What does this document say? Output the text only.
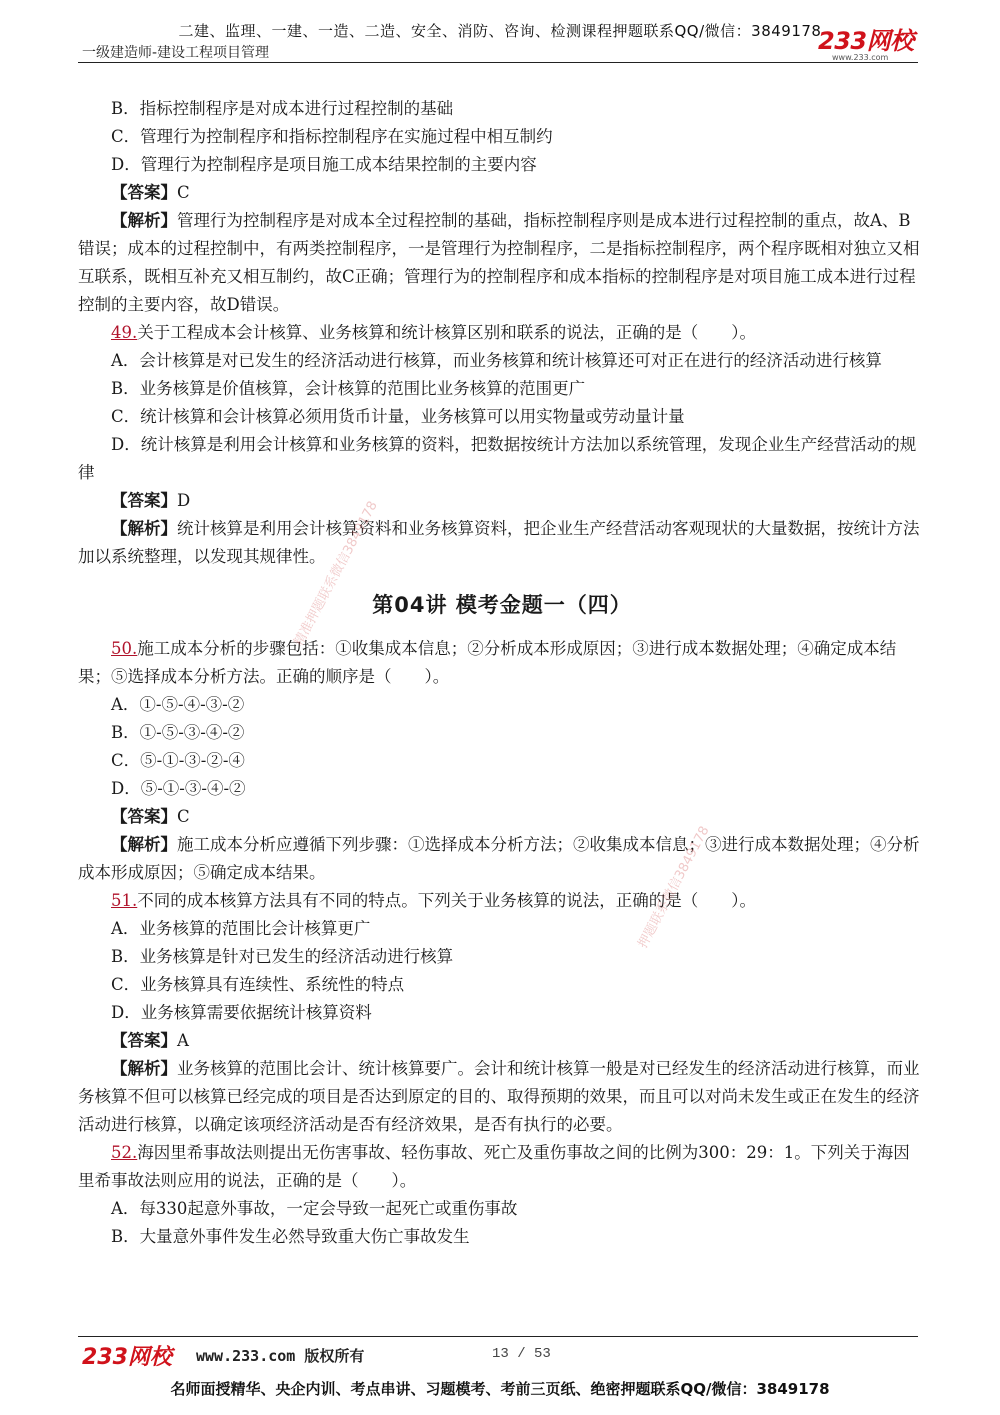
二建、监理、一建、一造、二造、安全、消防、咨询、检测课程押题联系QQ/微信：3849178
一级建造师-建设工程项目管理	233网校
www.233.com

B．指标控制程序是对成本进行过程控制的基础

C．管理行为控制程序和指标控制程序在实施过程中相互制约

D．管理行为控制程序是项目施工成本结果控制的主要内容

【答案】C

【解析】管理行为控制程序是对成本全过程控制的基础，指标控制程序则是成本进行过程控制的重点，故A、B错误；成本的过程控制中，有两类控制程序，一是管理行为控制程序，二是指标控制程序，两个程序既相对独立又相互联系，既相互补充又相互制约，故C正确；管理行为的控制程序和成本指标的控制程序是对项目施工成本进行过程控制的主要内容，故D错误。

49.关于工程成本会计核算、业务核算和统计核算区别和联系的说法，正确的是（　　）。

A．会计核算是对已发生的经济活动进行核算，而业务核算和统计核算还可对正在进行的经济活动进行核算

B．业务核算是价值核算，会计核算的范围比业务核算的范围更广

C．统计核算和会计核算必须用货币计量，业务核算可以用实物量或劳动量计量

D．统计核算是利用会计核算和业务核算的资料，把数据按统计方法加以系统管理，发现企业生产经营活动的规律

【答案】D

【解析】统计核算是利用会计核算资料和业务核算资料，把企业生产经营活动客观现状的大量数据，按统计方法加以系统整理，以发现其规律性。

第04讲 模考金题一（四）

50.施工成本分析的步骤包括：①收集成本信息；②分析成本形成原因；③进行成本数据处理；④确定成本结果；⑤选择成本分析方法。正确的顺序是（　　）。

A．①-⑤-④-③-②

B．①-⑤-③-④-②

C．⑤-①-③-②-④

D．⑤-①-③-④-②

【答案】C

【解析】施工成本分析应遵循下列步骤：①选择成本分析方法；②收集成本信息；③进行成本数据处理；④分析成本形成原因；⑤确定成本结果。

51.不同的成本核算方法具有不同的特点。下列关于业务核算的说法，正确的是（　　）。

A．业务核算的范围比会计核算更广

B．业务核算是针对已发生的经济活动进行核算

C．业务核算具有连续性、系统性的特点

D．业务核算需要依据统计核算资料

【答案】A

【解析】业务核算的范围比会计、统计核算要广。会计和统计核算一般是对已经发生的经济活动进行核算，而业务核算不但可以核算已经完成的项目是否达到原定的目的、取得预期的效果，而且可以对尚未发生或正在发生的经济活动进行核算，以确定该项经济活动是否有经济效果，是否有执行的必要。

52.海因里希事故法则提出无伤害事故、轻伤事故、死亡及重伤事故之间的比例为300：29：1。下列关于海因里希事故法则应用的说法，正确的是（　　）。

A．每330起意外事故，一定会导致一起死亡或重伤事故

B．大量意外事件发生必然导致重大伤亡事故发生

精准押题联系微信3849178
押题联系微信3849178
233网校 www.233.com 版权所有	13 / 53
名师面授精华、央企内训、考点串讲、习题模考、考前三页纸、绝密押题联系QQ/微信：3849178
